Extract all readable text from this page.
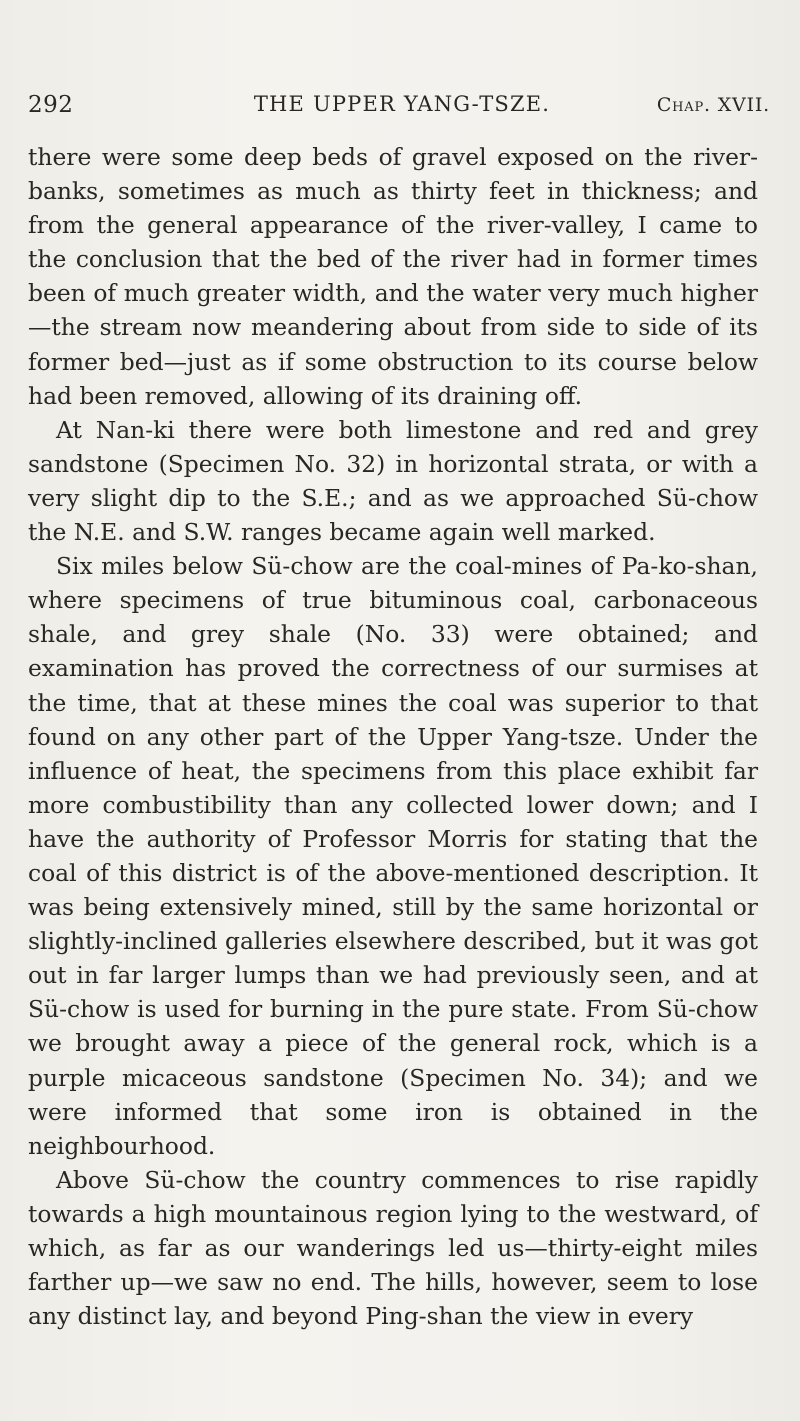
292	THE UPPER YANG-TSZE.	Chap. XVII.

there were some deep beds of gravel exposed on the river-banks, sometimes as much as thirty feet in thickness; and from the general appearance of the river-valley, I came to the conclusion that the bed of the river had in former times been of much greater width, and the water very much higher—the stream now meandering about from side to side of its former bed—just as if some obstruction to its course below had been removed, allowing of its draining off.

At Nan-ki there were both limestone and red and grey sandstone (Specimen No. 32) in horizontal strata, or with a very slight dip to the S.E.; and as we approached Sü-chow the N.E. and S.W. ranges became again well marked.

Six miles below Sü-chow are the coal-mines of Pa-ko-shan, where specimens of true bituminous coal, carbonaceous shale, and grey shale (No. 33) were obtained; and examination has proved the correctness of our surmises at the time, that at these mines the coal was superior to that found on any other part of the Upper Yang-tsze. Under the influence of heat, the specimens from this place exhibit far more combustibility than any collected lower down; and I have the authority of Professor Morris for stating that the coal of this district is of the above-mentioned description. It was being extensively mined, still by the same horizontal or slightly-inclined galleries elsewhere described, but it was got out in far larger lumps than we had previously seen, and at Sü-chow is used for burning in the pure state. From Sü-chow we brought away a piece of the general rock, which is a purple micaceous sandstone (Specimen No. 34); and we were informed that some iron is obtained in the neighbourhood.

Above Sü-chow the country commences to rise rapidly towards a high mountainous region lying to the westward, of which, as far as our wanderings led us—thirty-eight miles farther up—we saw no end. The hills, however, seem to lose any distinct lay, and beyond Ping-shan the view in every
